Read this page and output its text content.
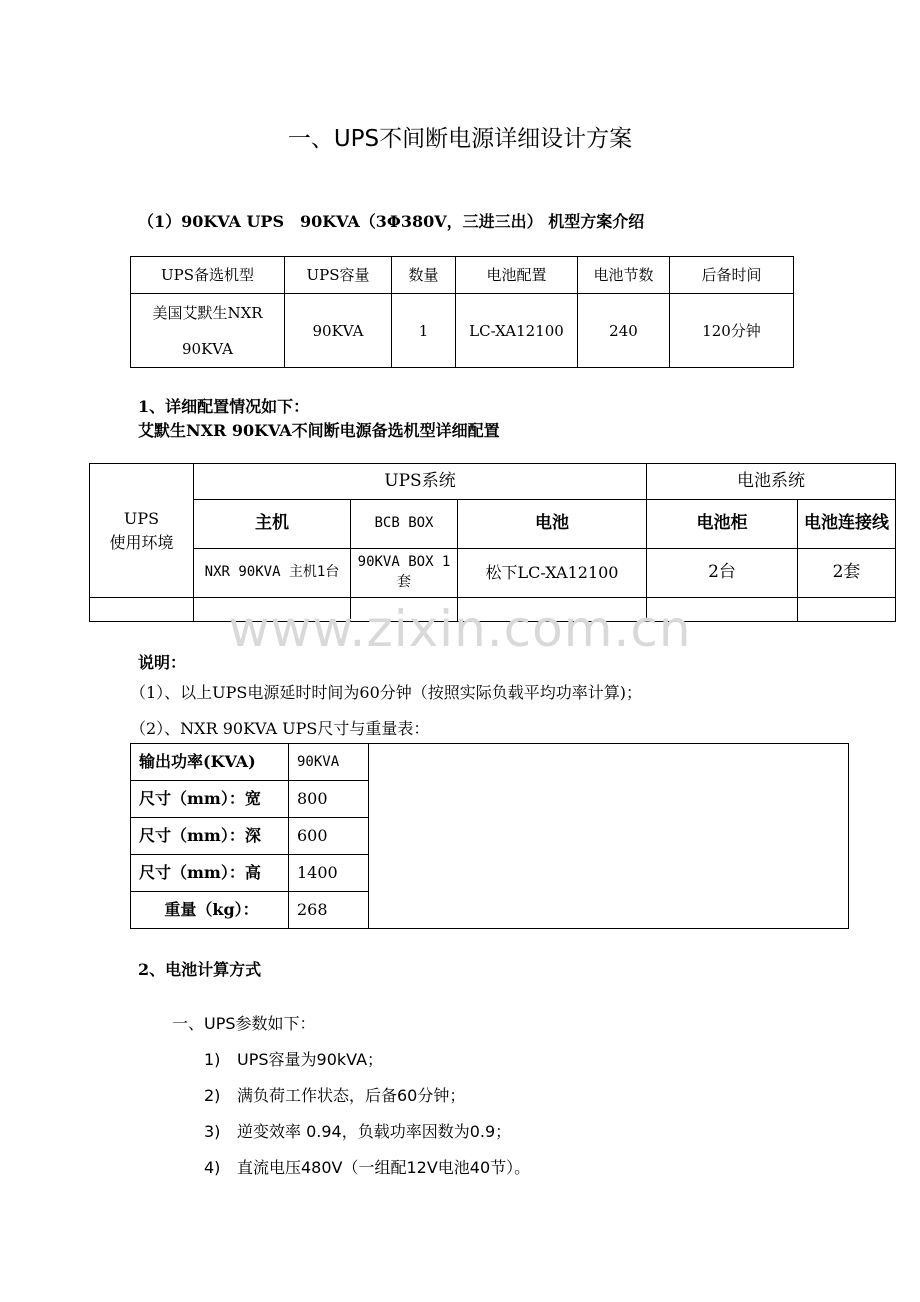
一、UPS不间断电源详细设计方案
（1）90KVA UPS　90KVA（3Φ380V，三进三出） 机型方案介绍
UPS备选机型	UPS容量	数量	电池配置	电池节数	后备时间
美国艾默生NXR
90KVA	90KVA	1	LC-XA12100	240	120分钟
1、详细配置情况如下：
艾默生NXR 90KVA不间断电源备选机型详细配置
UPS
使用环境	UPS系统			电池系统	
	主机	BCB BOX	电池	电池柜	电池连接线
	NXR 90KVA 主机1台	90KVA BOX 1套	松下LC-XA12100	2台	2套

www.zixin.com.cn
说明：
（1）、以上UPS电源延时时间为60分钟（按照实际负载平均功率计算)；
（2）、NXR 90KVA UPS尺寸与重量表：
输出功率(KVA)	90KVA	
尺寸（mm）：宽	800	
尺寸（mm）：深	600	
尺寸（mm）：高	1400	
重量（kg）：	268	
2、电池计算方式
一、UPS参数如下：
1) UPS容量为90kVA；
2) 满负荷工作状态，后备60分钟；
3) 逆变效率 0.94，负载功率因数为0.9；
4) 直流电压480V（一组配12V电池40节）。
